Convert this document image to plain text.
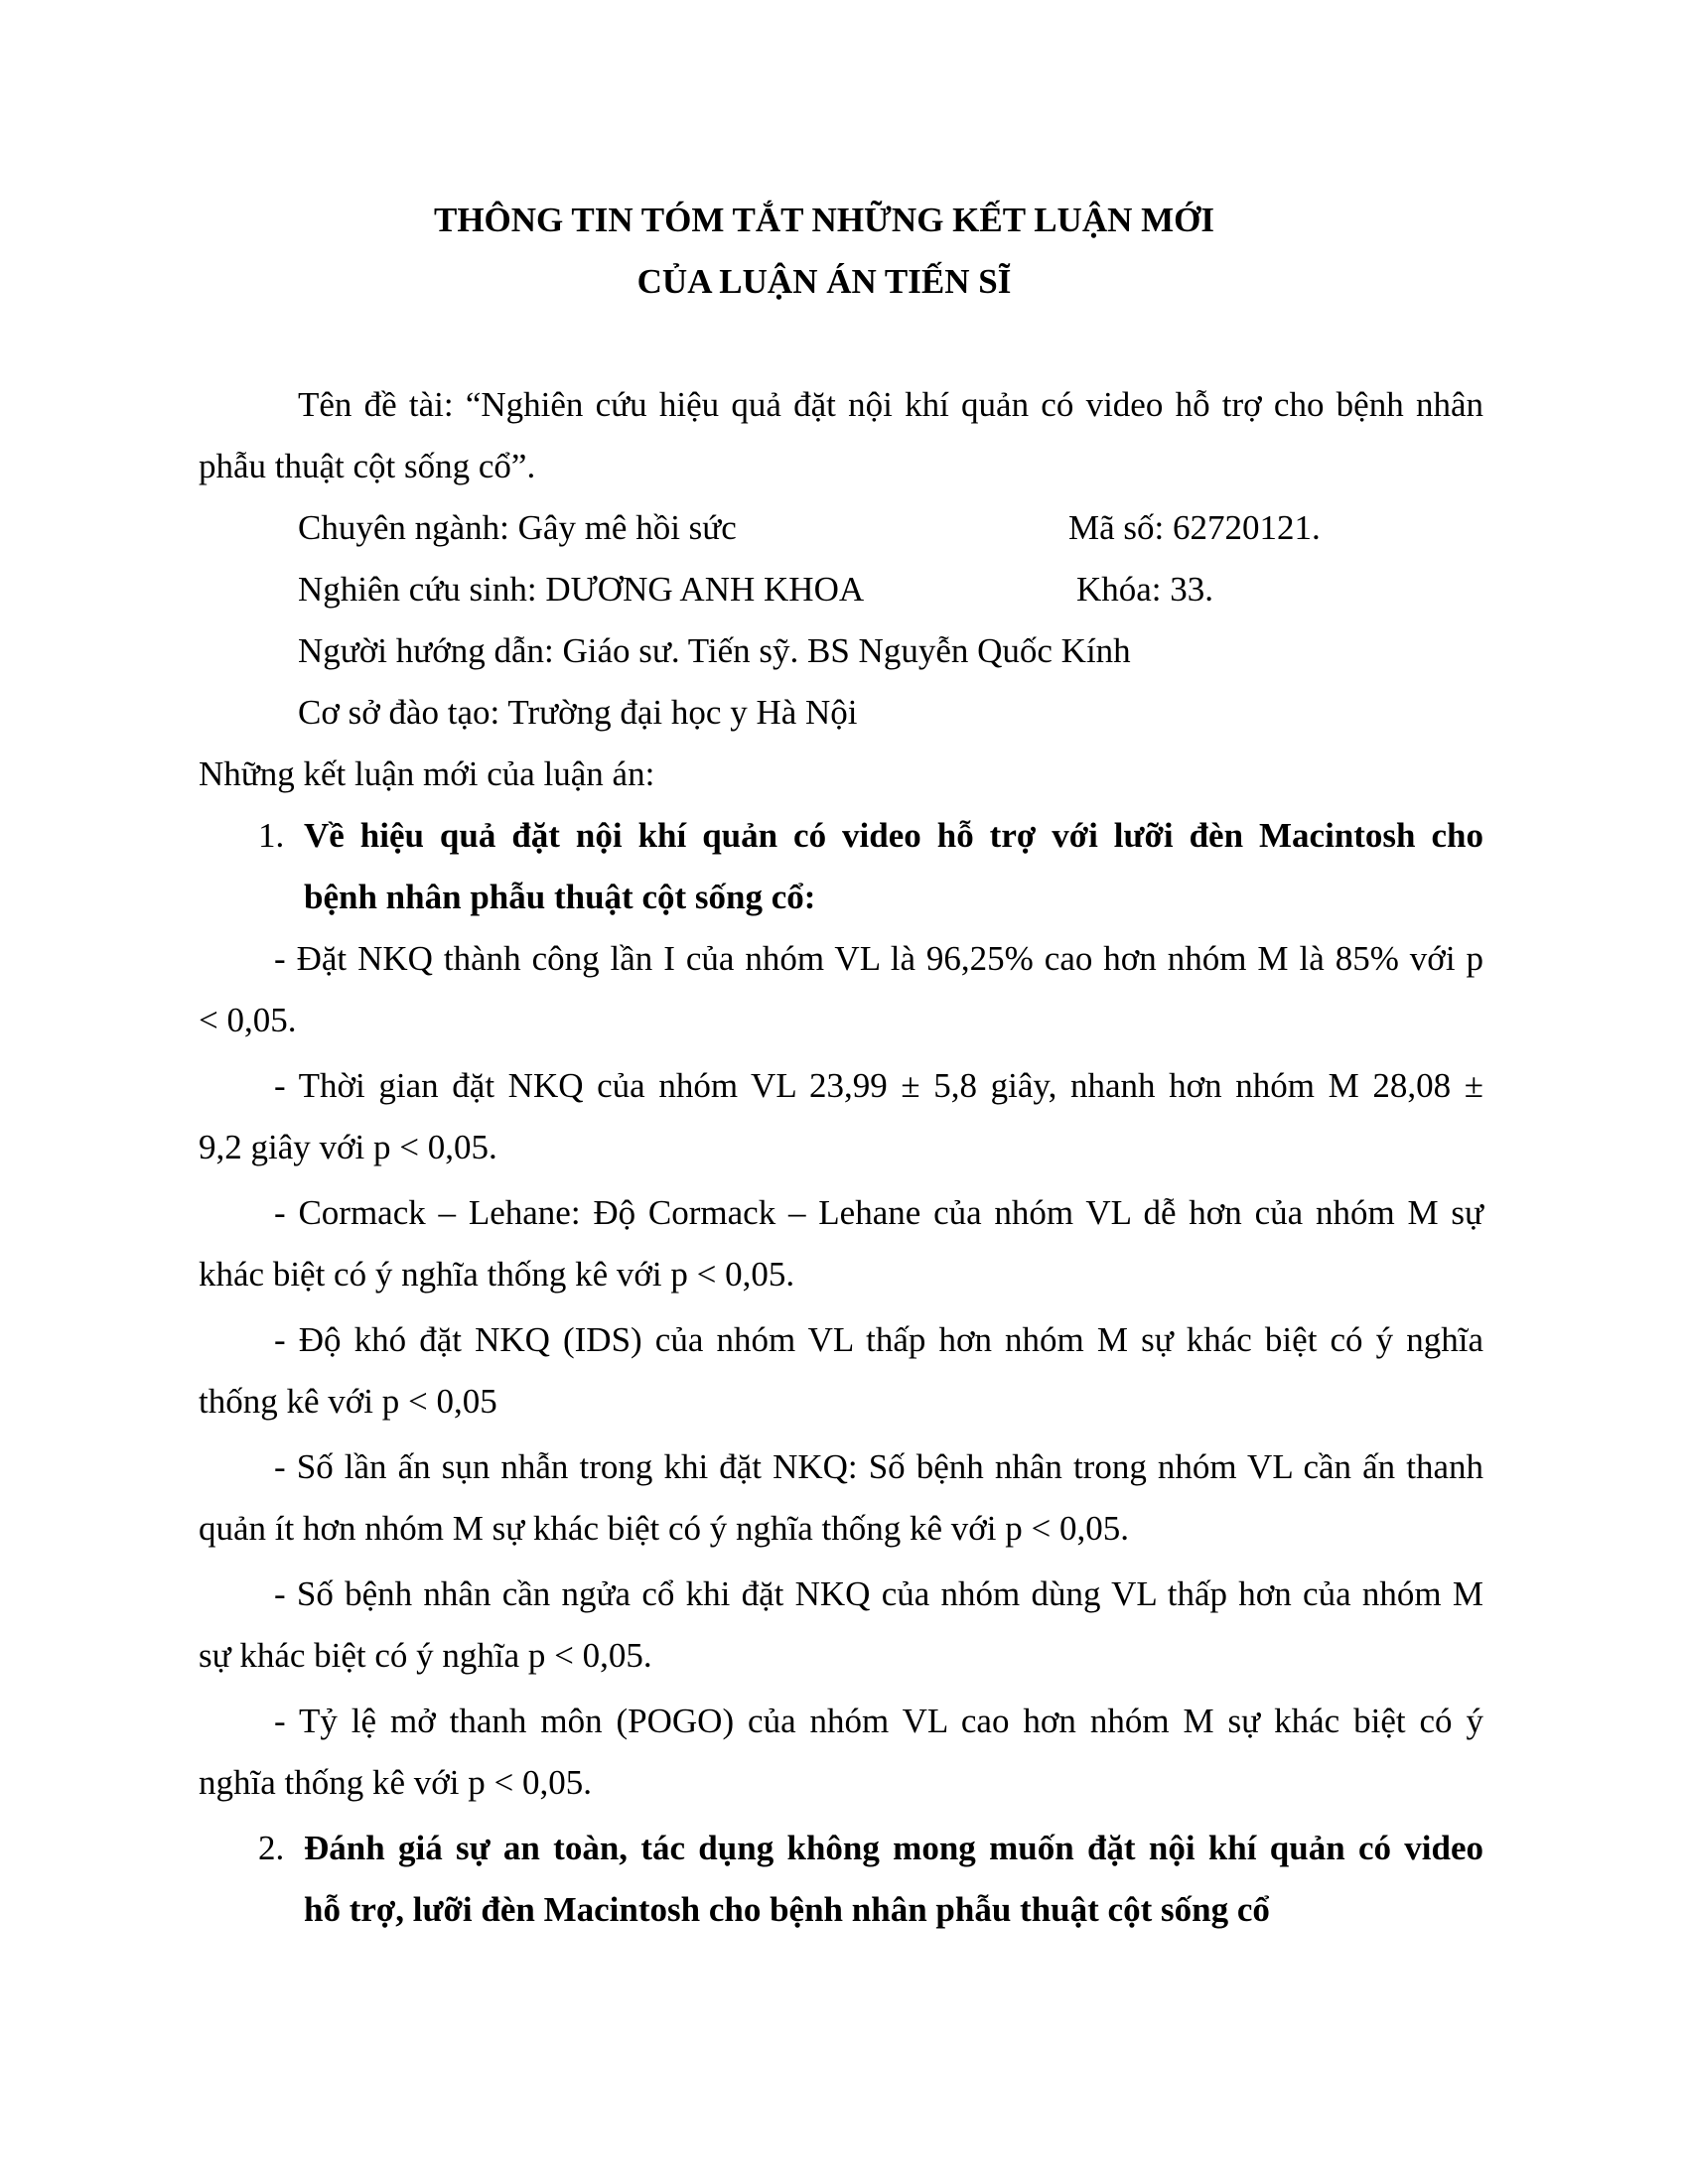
THÔNG TIN TÓM TẮT NHỮNG KẾT LUẬN MỚI
CỦA LUẬN ÁN TIẾN SĨ
Tên đề tài: “Nghiên cứu hiệu quả đặt nội khí quản có video hỗ trợ cho bệnh nhân
phẫu thuật cột sống cổ”.
Chuyên ngành: Gây mê hồi sức	Mã số: 62720121.
Nghiên cứu sinh: DƯƠNG ANH KHOA	Khóa: 33.
Người hướng dẫn: Giáo sư. Tiến sỹ. BS Nguyễn Quốc Kính
Cơ sở đào tạo: Trường đại học y Hà Nội
Những kết luận mới của luận án:
1. Về hiệu quả đặt nội khí quản có video hỗ trợ với lưỡi đèn Macintosh cho
bệnh nhân phẫu thuật cột sống cổ:
- Đặt NKQ thành công lần I của nhóm VL là 96,25% cao hơn nhóm M là 85% với p
< 0,05.
- Thời gian đặt NKQ của nhóm VL 23,99 ± 5,8 giây, nhanh hơn nhóm M 28,08 ±
9,2 giây với p < 0,05.
- Cormack – Lehane: Độ Cormack – Lehane của nhóm VL dễ hơn của nhóm M sự
khác biệt có ý nghĩa thống kê với p < 0,05.
- Độ khó đặt NKQ (IDS) của nhóm VL thấp hơn nhóm M sự khác biệt có ý nghĩa
thống kê với p < 0,05
- Số lần ấn sụn nhẫn trong khi đặt NKQ: Số bệnh nhân trong nhóm VL cần ấn thanh
quản ít hơn nhóm M sự khác biệt có ý nghĩa thống kê với p < 0,05.
- Số bệnh nhân cần ngửa cổ khi đặt NKQ của nhóm dùng VL thấp hơn của nhóm M
sự khác biệt có ý nghĩa p < 0,05.
- Tỷ lệ mở thanh môn (POGO) của nhóm VL cao hơn nhóm M sự khác biệt có ý
nghĩa thống kê với p < 0,05.
2. Đánh giá sự an toàn, tác dụng không mong muốn đặt nội khí quản có video
hỗ trợ, lưỡi đèn Macintosh cho bệnh nhân phẫu thuật cột sống cổ
